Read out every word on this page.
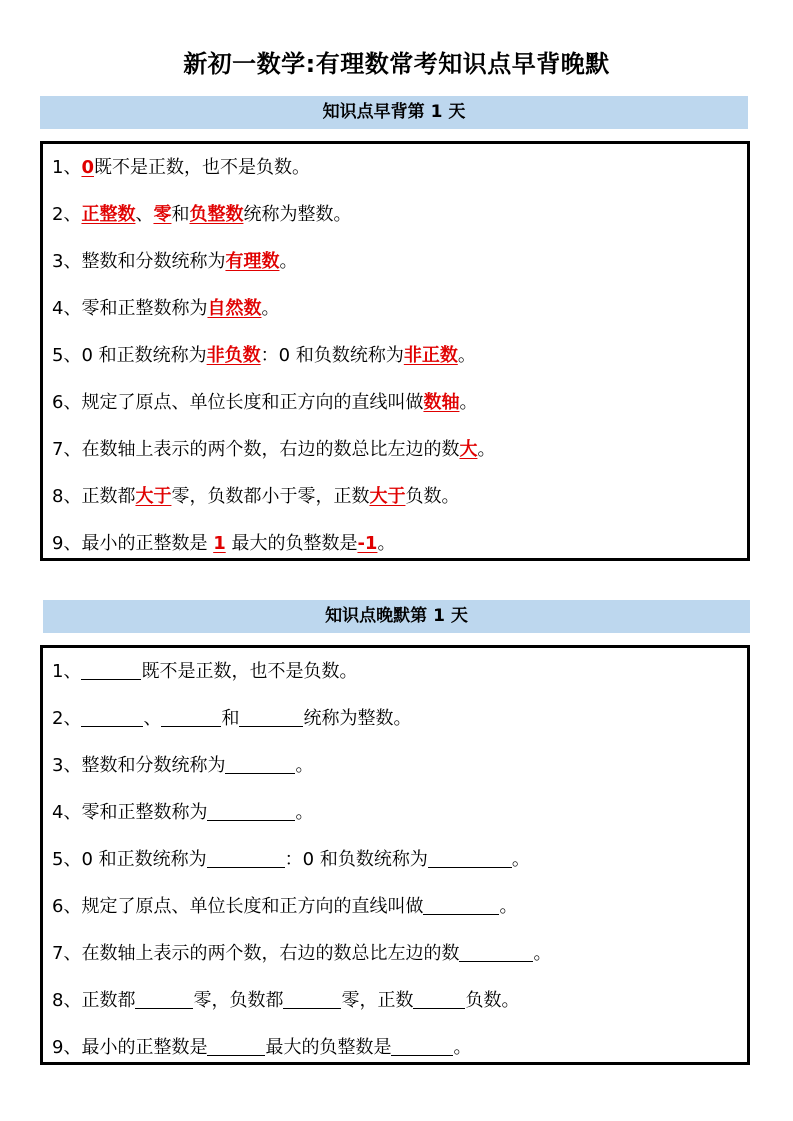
新初一数学:有理数常考知识点早背晚默
知识点早背第 1 天
1、0既不是正数，也不是负数。
2、正整数、零和负整数统称为整数。
3、整数和分数统称为有理数。
4、零和正整数称为自然数。
5、0 和正数统称为非负数：0 和负数统称为非正数。
6、规定了原点、单位长度和正方向的直线叫做数轴。
7、在数轴上表示的两个数，右边的数总比左边的数大。
8、正数都大于零，负数都小于零，正数大于负数。
9、最小的正整数是 1 最大的负整数是-1。
知识点晚默第 1 天
1、	既不是正数，也不是负数。
2、	、	和	统称为整数。
3、整数和分数统称为	。
4、零和正整数称为	。
5、0 和正数统称为	：0 和负数统称为	。
6、规定了原点、单位长度和正方向的直线叫做	。
7、在数轴上表示的两个数，右边的数总比左边的数	。
8、正数都	零，负数都	零，正数	负数。
9、最小的正整数是	最大的负整数是	。
